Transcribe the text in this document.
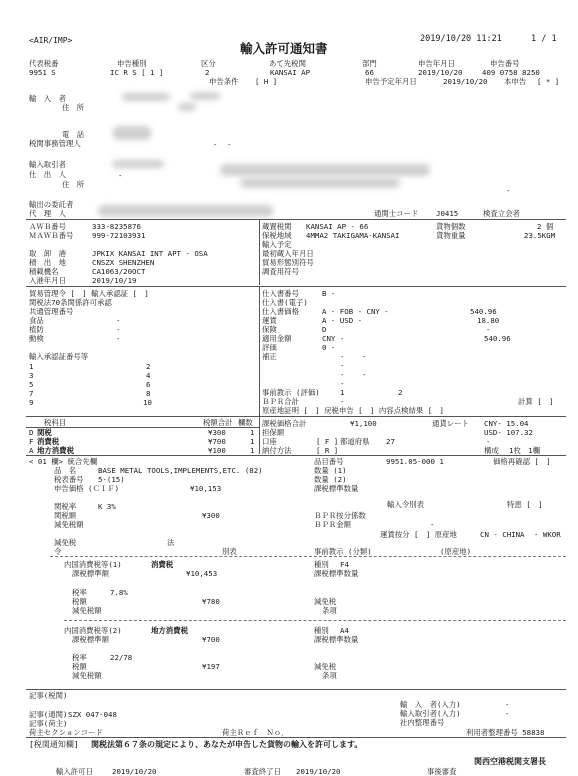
<AIR/IMP>
輸入許可通知書
2019/10/20 11:21	1 / 1
代表税番	申告種別	区分	あて先税関	部門	申告年月日	申告番号
9951 S	IC R S [ 1 ]	2	KANSAI AP	66	2019/10/20	409 0758 8250
申告条件 [ H ]	申告予定年月日	2019/10/20 本申告 [ * ]
輸　入　者
住　所
電　話
税関事務管理人	- -
輸入取引者
仕　出　人	-
住　所
-
輸出の委託者
代　理　人	通関士コード J0415	検査立会者
ＡＷＢ番号	333-8235876
ＭＡＷＢ番号	999-72103931
蔵置税関 KANSAI AP - 66
保税地域 4MMA2 TAKIGAMA-KANSAI
輸入予定
最初蔵入年月日
貿易形態別符号
調査用符号
貨物個数	2 個
貨物重量	23.5KGM
取　卸　港	JPKIX KANSAI INT APT - OSA
積　出　地	CNSZX SHENZHEN
積載機名	CA1063/20OCT
入港年月日	2019/10/19
貿易管理令 [　] 輸入承認証 [　]
関税法70条関係許可承認
共通管理番号
食品	-
植防	-
動検	-
輸入承認証番号等
1	2
3	4
5	6
7	8
9	10
仕入書番号	B -
仕入書(電子)
仕入書価格	A - FOB - CNY -	540.96
運賃	A - USD -	18.80
保険	D	-
適用金額	CNY -	540.96
評価	0 -
補正	- -
-
- -
-
事前教示 (評価)	1	2
ＢＰＲ合計	-	計算 [　]
原産地証明 [　] 戻税申告 [　] 内容点検結果 [　]
税科目	税額合計 欄数
D 関税	¥300	1
F 消費税	¥700	1
A 地方消費税	¥100	1
課税価格合計	¥1,100
担保額
口座	[ F ] 都道府県 27
納付方法	[ R ]
通貨レート CNY- 15.04
USD- 107.32
-
構成 1枚　1欄
< 01 欄> 統合先欄
品　名	BASE METAL TOOLS,IMPLEMENTS,ETC. (82)
品目番号	9951.05-000 1	価格再確認 [　]
税表番号 5-(15)
数量 (1)
数量 (2)
申告価格 (ＣＩＦ)	¥10,153	課税標準数量
輸入令別表	特恵 [　]
関税率	K 3%
関税額	¥300
減免税額
ＢＰＲ按分係数
ＢＰＲ金額	-
運賃按分 [　] 原産地	CN - CHINA - WKOR
減免税	法
令	別表	事前教示 (分類)	(原産地)
内国消費税等(1)	消費税
課税標準額	¥10,453
種別 F4
課税標準数量
税率	7.8%
税額	¥780
減免税額
減免税
条項
内国消費税等(2)	地方消費税
課税標準額	¥700
種別 A4
課税標準数量
税率	22/78
税額	¥197
減免税額
減免税
条項
記事(税関)
輸　入　者(入力)	-
記事(通関) SZX 047-048	輸入取引者(入力)	-
記事(荷主)	社内整理番号
荷主セクションコード	荷主Ｒｅｆ　Ｎｏ．	利用者整理番号 58838
[税関通知欄] 関税法第６７条の規定により、あなたが申告した貨物の輸入を許可します。
関西空港税関支署長
輸入許可日	2019/10/20	審査終了日 2019/10/20	事後審査
